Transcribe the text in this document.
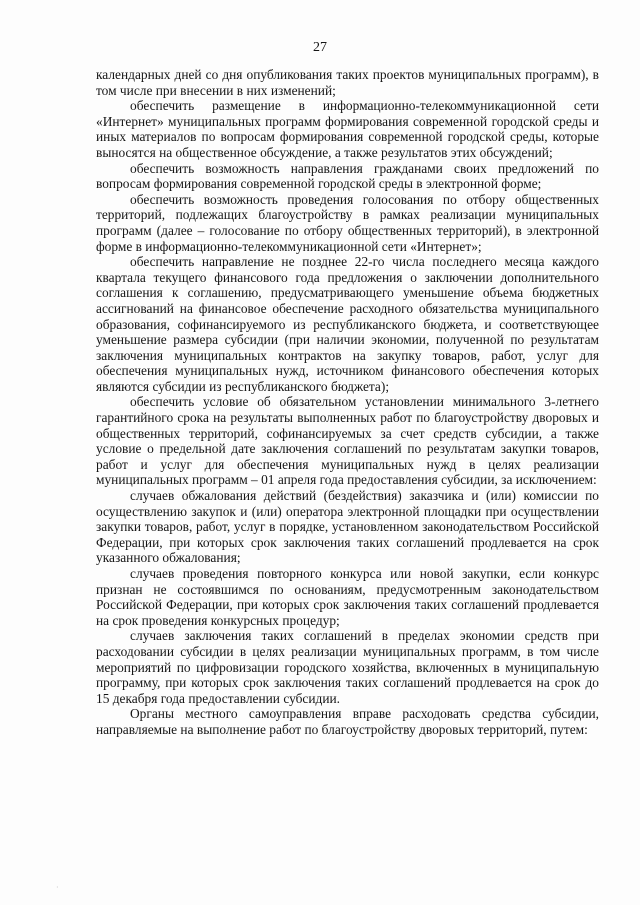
27

календарных дней со дня опубликования таких проектов муниципальных программ), в том числе при внесении в них изменений;

обеспечить размещение в информационно-телекоммуникационной сети «Интернет» муниципальных программ формирования современной городской среды и иных материалов по вопросам формирования современной городской среды, которые выносятся на общественное обсуждение, а также результатов этих обсуждений;

обеспечить возможность направления гражданами своих предложений по вопросам формирования современной городской среды в электронной форме;

обеспечить возможность проведения голосования по отбору общественных территорий, подлежащих благоустройству в рамках реализации муниципальных программ (далее – голосование по отбору общественных территорий), в электронной форме в информационно-телекоммуникационной сети «Интернет»;

обеспечить направление не позднее 22-го числа последнего месяца каждого квартала текущего финансового года предложения о заключении дополнительного соглашения к соглашению, предусматривающего уменьшение объема бюджетных ассигнований на финансовое обеспечение расходного обязательства муниципального образования, софинансируемого из республиканского бюджета, и соответствующее уменьшение размера субсидии (при наличии экономии, полученной по результатам заключения муниципальных контрактов на закупку товаров, работ, услуг для обеспечения муниципальных нужд, источником финансового обеспечения которых являются субсидии из республиканского бюджета);

обеспечить условие об обязательном установлении минимального 3-летнего гарантийного срока на результаты выполненных работ по благоустройству дворовых и общественных территорий, софинансируемых за счет средств субсидии, а также условие о предельной дате заключения соглашений по результатам закупки товаров, работ и услуг для обеспечения муниципальных нужд в целях реализации муниципальных программ – 01 апреля года предоставления субсидии, за исключением:

случаев обжалования действий (бездействия) заказчика и (или) комиссии по осуществлению закупок и (или) оператора электронной площадки при осуществлении закупки товаров, работ, услуг в порядке, установленном законодательством Российской Федерации, при которых срок заключения таких соглашений продлевается на срок указанного обжалования;

случаев проведения повторного конкурса или новой закупки, если конкурс признан не состоявшимся по основаниям, предусмотренным законодательством Российской Федерации, при которых срок заключения таких соглашений продлевается на срок проведения конкурсных процедур;

случаев заключения таких соглашений в пределах экономии средств при расходовании субсидии в целях реализации муниципальных программ, в том числе мероприятий по цифровизации городского хозяйства, включенных в муниципальную программу, при которых срок заключения таких соглашений продлевается на срок до 15 декабря года предоставлении субсидии.

Органы местного самоуправления вправе расходовать средства субсидии, направляемые на выполнение работ по благоустройству дворовых территорий, путем:

·
